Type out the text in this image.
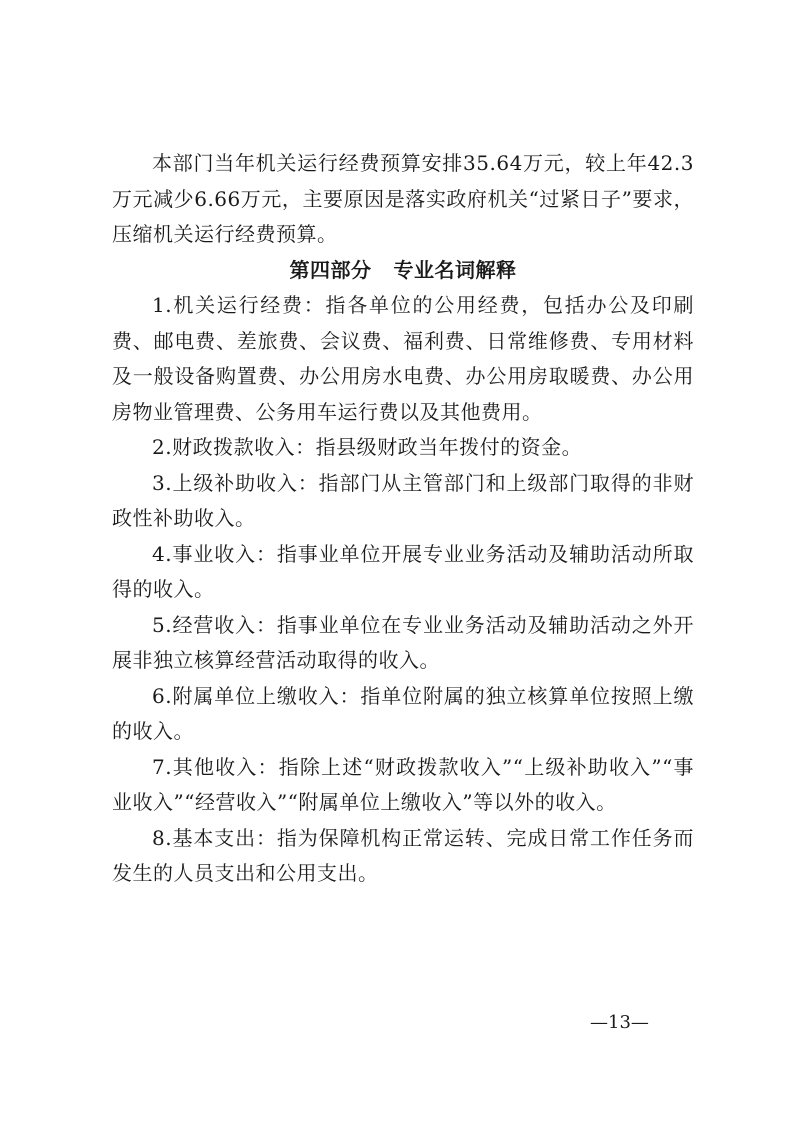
本部门当年机关运行经费预算安排35.64万元，较上年42.3万元减少6.66万元，主要原因是落实政府机关“过紧日子”要求，压缩机关运行经费预算。

第四部分 专业名词解释

1.机关运行经费：指各单位的公用经费，包括办公及印刷费、邮电费、差旅费、会议费、福利费、日常维修费、专用材料及一般设备购置费、办公用房水电费、办公用房取暖费、办公用房物业管理费、公务用车运行费以及其他费用。

2.财政拨款收入：指县级财政当年拨付的资金。

3.上级补助收入：指部门从主管部门和上级部门取得的非财政性补助收入。

4.事业收入：指事业单位开展专业业务活动及辅助活动所取得的收入。

5.经营收入：指事业单位在专业业务活动及辅助活动之外开展非独立核算经营活动取得的收入。

6.附属单位上缴收入：指单位附属的独立核算单位按照上缴的收入。

7.其他收入：指除上述“财政拨款收入”“上级补助收入”“事业收入”“经营收入”“附属单位上缴收入”等以外的收入。

8.基本支出：指为保障机构正常运转、完成日常工作任务而发生的人员支出和公用支出。

—13—
